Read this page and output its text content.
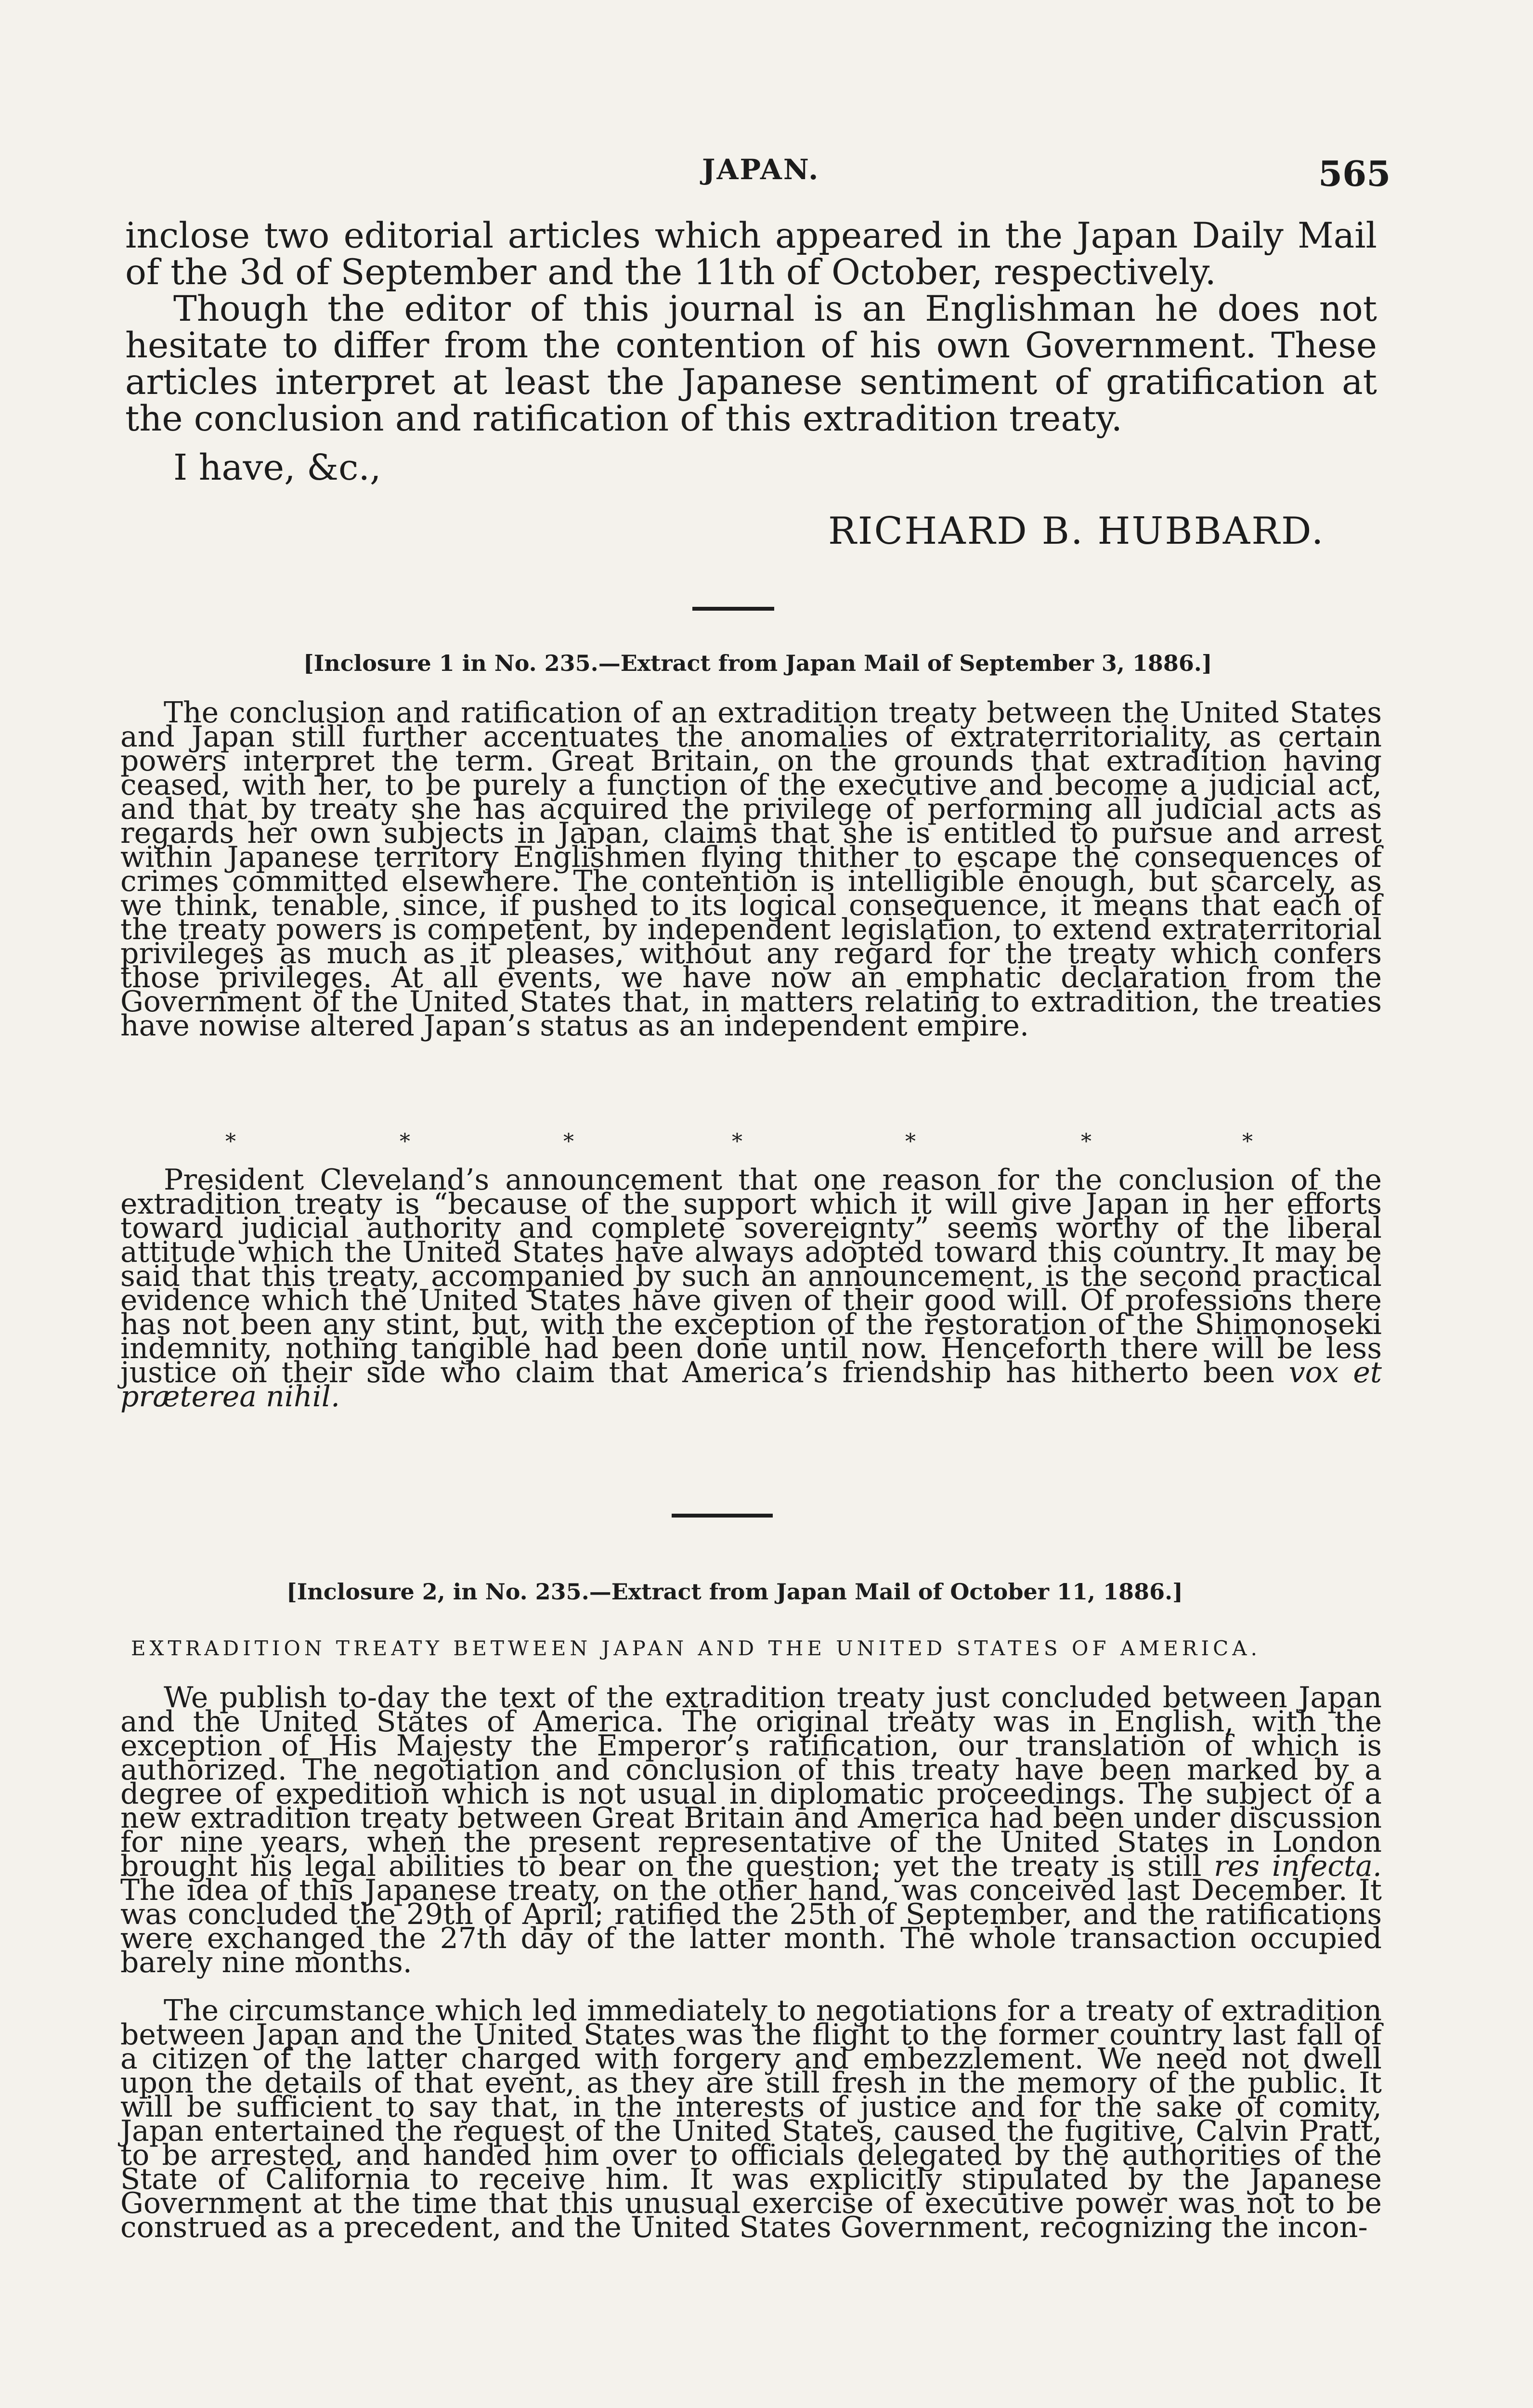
JAPAN.	565

inclose two editorial articles which appeared in the Japan Daily Mail of the 3d of September and the 11th of October, respectively.

Though the editor of this journal is an Englishman he does not hesitate to differ from the contention of his own Government. These articles interpret at least the Japanese sentiment of gratification at the conclusion and ratification of this extradition treaty.

I have, &c.,
RICHARD B. HUBBARD.
[Inclosure 1 in No. 235.—Extract from Japan Mail of September 3, 1886.]

The conclusion and ratification of an extradition treaty between the United States and Japan still further accentuates the anomalies of extraterritoriality, as certain powers interpret the term. Great Britain, on the grounds that extradition having ceased, with her, to be purely a function of the executive and become a judicial act, and that by treaty she has acquired the privilege of performing all judicial acts as regards her own subjects in Japan, claims that she is entitled to pursue and arrest within Japanese territory Englishmen flying thither to escape the consequences of crimes committed elsewhere. The contention is intelligible enough, but scarcely, as we think, tenable, since, if pushed to its logical consequence, it means that each of the treaty powers is competent, by independent legislation, to extend extraterritorial privileges as much as it pleases, without any regard for the treaty which confers those privileges. At all events, we have now an emphatic declaration from the Government of the United States that, in matters relating to extradition, the treaties have nowise altered Japan’s status as an independent empire.

*	*	*	*	*	*	*

President Cleveland’s announcement that one reason for the conclusion of the extradition treaty is “because of the support which it will give Japan in her efforts toward judicial authority and complete sovereignty” seems worthy of the liberal attitude which the United States have always adopted toward this country. It may be said that this treaty, accompanied by such an announcement, is the second practical evidence which the United States have given of their good will. Of professions there has not been any stint, but, with the exception of the restoration of the Shimonoseki indemnity, nothing tangible had been done until now. Henceforth there will be less justice on their side who claim that America’s friendship has hitherto been vox et præterea nihil.

[Inclosure 2, in No. 235.—Extract from Japan Mail of October 11, 1886.]
EXTRADITION TREATY BETWEEN JAPAN AND THE UNITED STATES OF AMERICA.

We publish to-day the text of the extradition treaty just concluded between Japan and the United States of America. The original treaty was in English, with the exception of His Majesty the Emperor’s ratification, our translation of which is authorized. The negotiation and conclusion of this treaty have been marked by a degree of expedition which is not usual in diplomatic proceedings. The subject of a new extradition treaty between Great Britain and America had been under discussion for nine years, when the present representative of the United States in London brought his legal abilities to bear on the question; yet the treaty is still res infecta. The idea of this Japanese treaty, on the other hand, was conceived last December. It was concluded the 29th of April; ratified the 25th of September, and the ratifications were exchanged the 27th day of the latter month. The whole transaction occupied barely nine months.

The circumstance which led immediately to negotiations for a treaty of extradition between Japan and the United States was the flight to the former country last fall of a citizen of the latter charged with forgery and embezzlement. We need not dwell upon the details of that event, as they are still fresh in the memory of the public. It will be sufficient to say that, in the interests of justice and for the sake of comity, Japan entertained the request of the United States, caused the fugitive, Calvin Pratt, to be arrested, and handed him over to officials delegated by the authorities of the State of California to receive him. It was explicitly stipulated by the Japanese Government at the time that this unusual exercise of executive power was not to be construed as a precedent, and the United States Government, recognizing the incon-
